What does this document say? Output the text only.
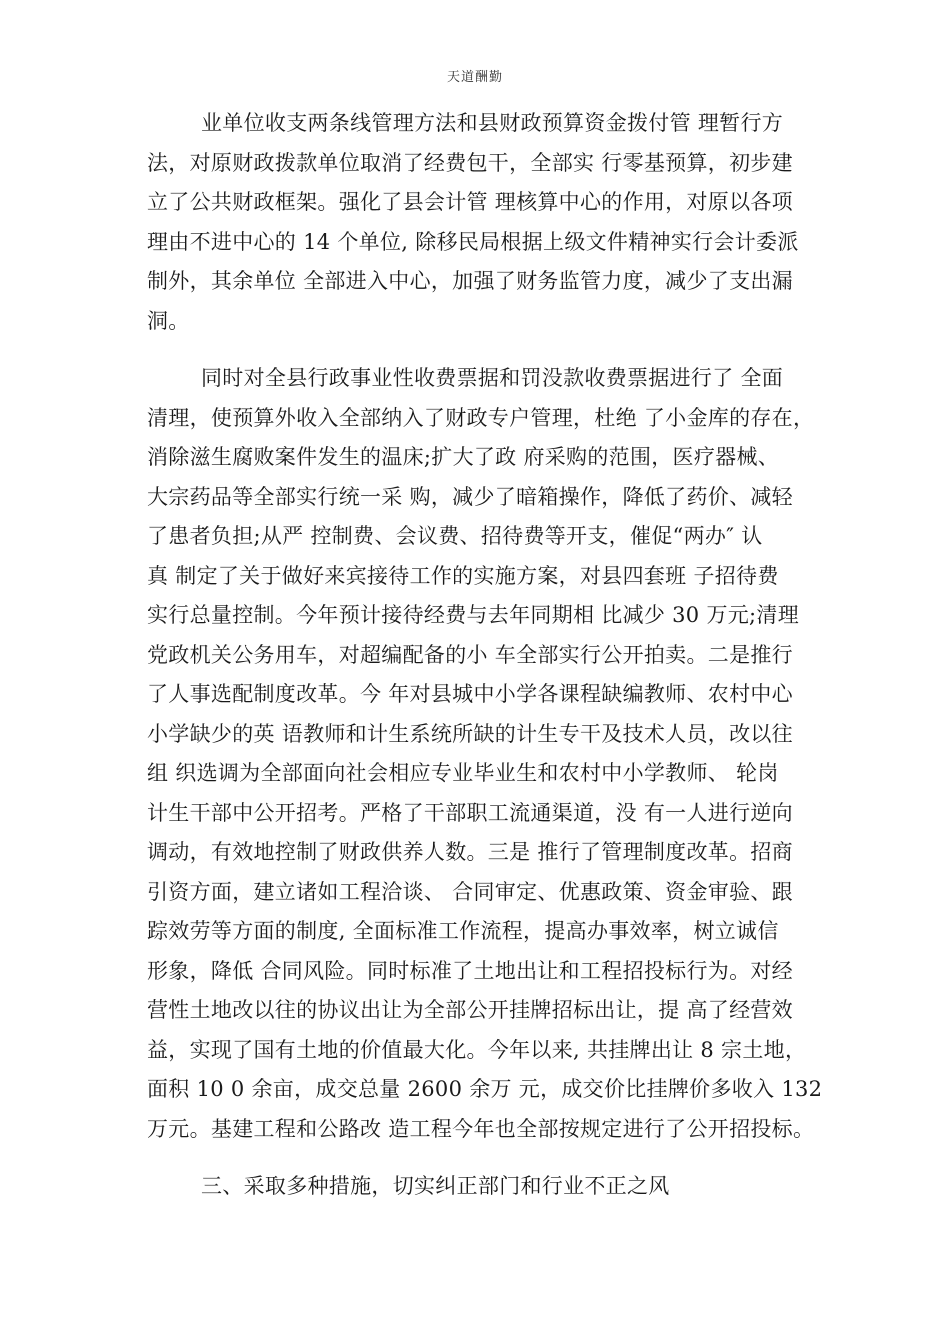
天道酬勤
业单位收支两条线管理方法和县财政预算资金拨付管 理暂行方
法，对原财政拨款单位取消了经费包干，全部实 行零基预算，初步建
立了公共财政框架。强化了县会计管 理核算中心的作用，对原以各项
理由不进中心的 14 个单位, 除移民局根据上级文件精神实行会计委派
制外，其余单位 全部进入中心，加强了财务监管力度，减少了支出漏
洞。
同时对全县行政事业性收费票据和罚没款收费票据进行了 全面
清理，使预算外收入全部纳入了财政专户管理，杜绝 了小金库的存在，
消除滋生腐败案件发生的温床;扩大了政 府采购的范围，医疗器械、
大宗药品等全部实行统一采 购，减少了暗箱操作，降低了药价、减轻
了患者负担;从严 控制费、会议费、招待费等开支，催促“两办″ 认
真 制定了关于做好来宾接待工作的实施方案，对县四套班 子招待费
实行总量控制。今年预计接待经费与去年同期相 比减少 30 万元;清理
党政机关公务用车，对超编配备的小 车全部实行公开拍卖。二是推行
了人事选配制度改革。今 年对县城中小学各课程缺编教师、农村中心
小学缺少的英 语教师和计生系统所缺的计生专干及技术人员，改以往
组 织选调为全部面向社会相应专业毕业生和农村中小学教师、 轮岗
计生干部中公开招考。严格了干部职工流通渠道，没 有一人进行逆向
调动，有效地控制了财政供养人数。三是 推行了管理制度改革。招商
引资方面，建立诸如工程洽谈、 合同审定、优惠政策、资金审验、跟
踪效劳等方面的制度, 全面标准工作流程，提高办事效率，树立诚信
形象，降低 合同风险。同时标准了土地出让和工程招投标行为。对经
营性土地改以往的协议出让为全部公开挂牌招标出让，提 高了经营效
益，实现了国有土地的价值最大化。今年以来, 共挂牌出让 8 宗土地，
面积 10 0 余亩，成交总量 2600 余万 元，成交价比挂牌价多收入 132
万元。基建工程和公路改 造工程今年也全部按规定进行了公开招投标。
三、采取多种措施，切实纠正部门和行业不正之风
